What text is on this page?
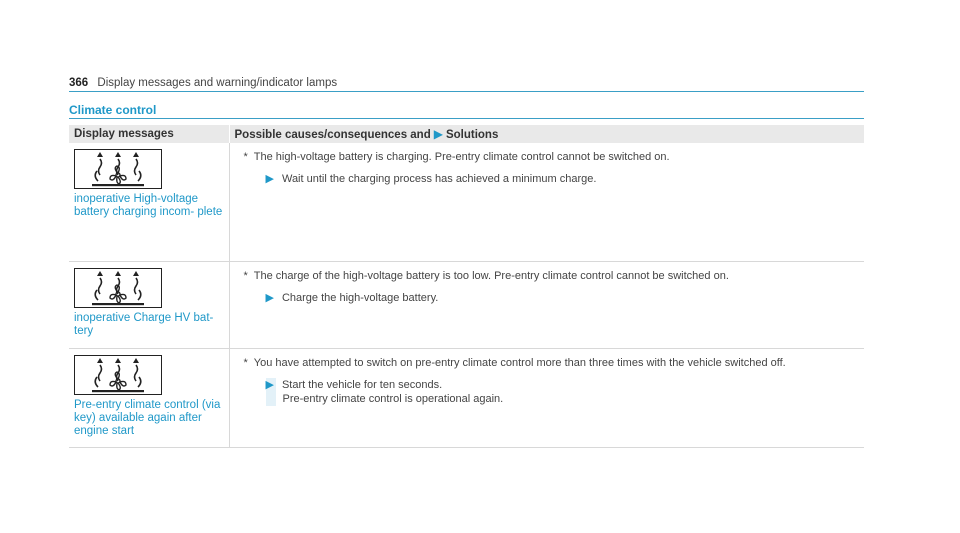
366 Display messages and warning/indicator lamps
Climate control
Display messages	Possible causes/consequences and ▶ Solutions

inoperative High-voltage battery charging incom- plete	* The high-voltage battery is charging. Pre-entry climate control cannot be switched on.
▶ Wait until the charging process has achieved a minimum charge.

inoperative Charge HV bat- tery	* The charge of the high-voltage battery is too low. Pre-entry climate control cannot be switched on.
▶ Charge the high-voltage battery.

Pre-entry climate control (via key) available again after engine start	* You have attempted to switch on pre-entry climate control more than three times with the vehicle switched off.
▶ Start the vehicle for ten seconds.
Pre-entry climate control is operational again.
